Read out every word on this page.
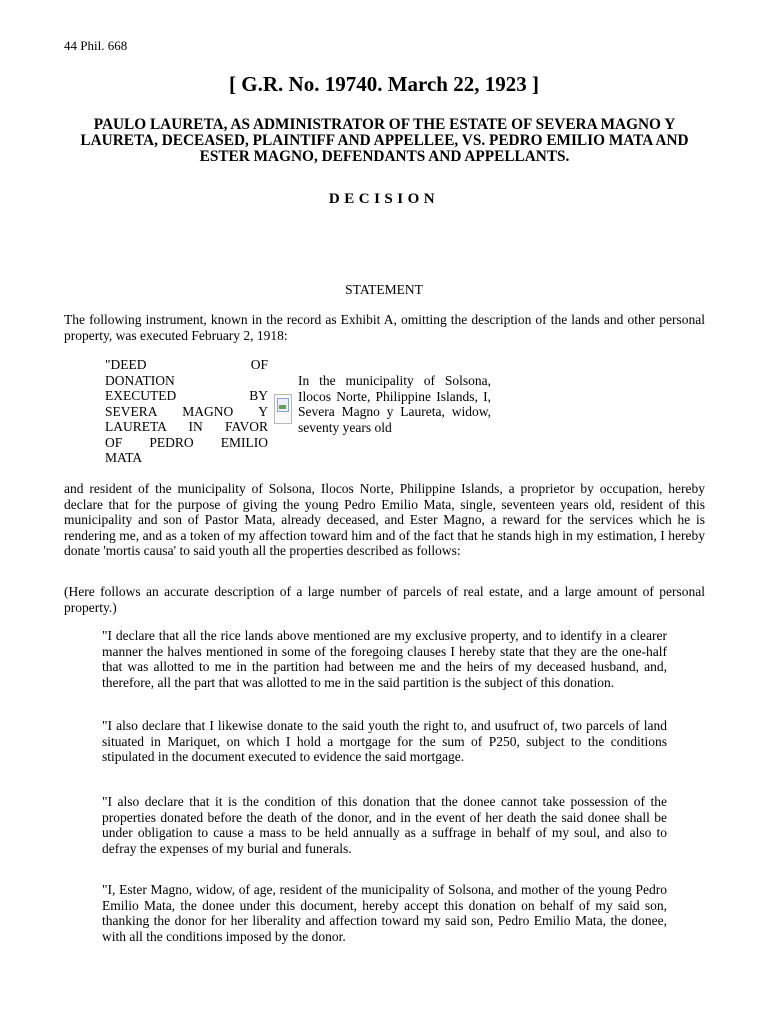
44 Phil. 668
[ G.R. No. 19740. March 22, 1923 ]
PAULO LAURETA, AS ADMINISTRATOR OF THE ESTATE OF SEVERA MAGNO Y LAURETA, DECEASED, PLAINTIFF AND APPELLEE, VS. PEDRO EMILIO MATA AND ESTER MAGNO, DEFENDANTS AND APPELLANTS.
DECISION
STATEMENT
The following instrument, known in the record as Exhibit A, omitting the description of the lands and other personal property, was executed February 2, 1918:
"DEED OF
DONATION
EXECUTED BY
SEVERA MAGNO Y
LAURETA IN FAVOR
OF PEDRO EMILIO
MATA
In the municipality of Solsona, Ilocos Norte, Philippine Islands, I, Severa Magno y Laureta, widow, seventy years old
and resident of the municipality of Solsona, Ilocos Norte, Philippine Islands, a proprietor by occupation, hereby declare that for the purpose of giving the young Pedro Emilio Mata, single, seventeen years old, resident of this municipality and son of Pastor Mata, already deceased, and Ester Magno, a reward for the services which he is rendering me, and as a token of my affection toward him and of the fact that he stands high in my estimation, I hereby donate 'mortis causa' to said youth all the properties described as follows:
(Here follows an accurate description of a large number of parcels of real estate, and a large amount of personal property.)
"I declare that all the rice lands above mentioned are my exclusive property, and to identify in a clearer manner the halves mentioned in some of the foregoing clauses I hereby state that they are the one-half that was allotted to me in the partition had between me and the heirs of my deceased husband, and, therefore, all the part that was allotted to me in the said partition is the subject of this donation.
"I also declare that I likewise donate to the said youth the right to, and usufruct of, two parcels of land situated in Mariquet, on which I hold a mortgage for the sum of P250, subject to the conditions stipulated in the document executed to evidence the said mortgage.
"I also declare that it is the condition of this donation that the donee cannot take possession of the properties donated before the death of the donor, and in the event of her death the said donee shall be under obligation to cause a mass to be held annually as a suffrage in behalf of my soul, and also to defray the expenses of my burial and funerals.
"I, Ester Magno, widow, of age, resident of the municipality of Solsona, and mother of the young Pedro Emilio Mata, the donee under this document, hereby accept this donation on behalf of my said son, thanking the donor for her liberality and affection toward my said son, Pedro Emilio Mata, the donee, with all the conditions imposed by the donor.
